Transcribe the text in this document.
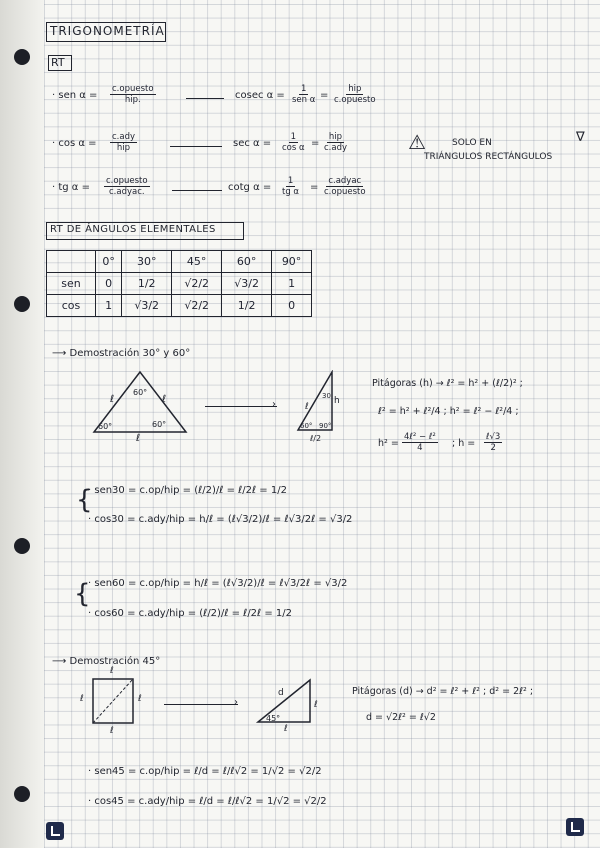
TRIGONOMETRÍA
RT
· sen α =
c.opuesto
hip.	cosec α =
1
sen α =
hip
c.opuesto
· cos α =
c.ady
hip	$\sec \alpha = \frac{1}{\text{cos α}}$ =
hip
c.ady
· tg α =
c.opuesto
c.adyac.	cotg $\alpha = \frac{1}{\text{tg α}}$ =
c.adyac
c.opuesto
⚠	SOLO EN
TRIÁNGULOS RECTÁNGULOS
∇
RT DE ÁNGULOS ELEMENTALES
	0°	30°	45°	60°	90°
sen	0	1/2	√2/2	√3/2	1
cos	1	√3/2	√2/2	1/2	0
⟶ Demostración 30° y 60°
60°
60°	60°
ℓ	ℓ
ℓ
›
30
60° 90°
h
ℓ
ℓ/2
Pitágoras (h) → ℓ² = h² + (ℓ/2)² ;
ℓ² = h² + ℓ²/4 ; h² = ℓ² − ℓ²/4 ;
h² =
4ℓ² − ℓ²
4	; h =
ℓ√3
2
{
· sen30 = c.op/hip = (ℓ/2)/ℓ = ℓ/2ℓ = 1/2
· cos30 = c.ady/hip = h/ℓ = (ℓ√3/2)/ℓ = ℓ√3/2ℓ = √3/2
{
· sen60 = c.op/hip = h/ℓ = (ℓ√3/2)/ℓ = ℓ√3/2ℓ = √3/2
· cos60 = c.ady/hip = (ℓ/2)/ℓ = ℓ/2ℓ = 1/2
⟶ Demostración 45°
ℓ
ℓ	ℓ
ℓ
›
d
ℓ
45°
ℓ
Pitágoras (d) → d² = ℓ² + ℓ² ; d² = 2ℓ² ;
d = √2ℓ² = ℓ√2
· sen45 = c.op/hip = ℓ/d = ℓ/ℓ√2 = 1/√2 = √2/2
· cos45 = c.ady/hip = ℓ/d = ℓ/ℓ√2 = 1/√2 = √2/2
